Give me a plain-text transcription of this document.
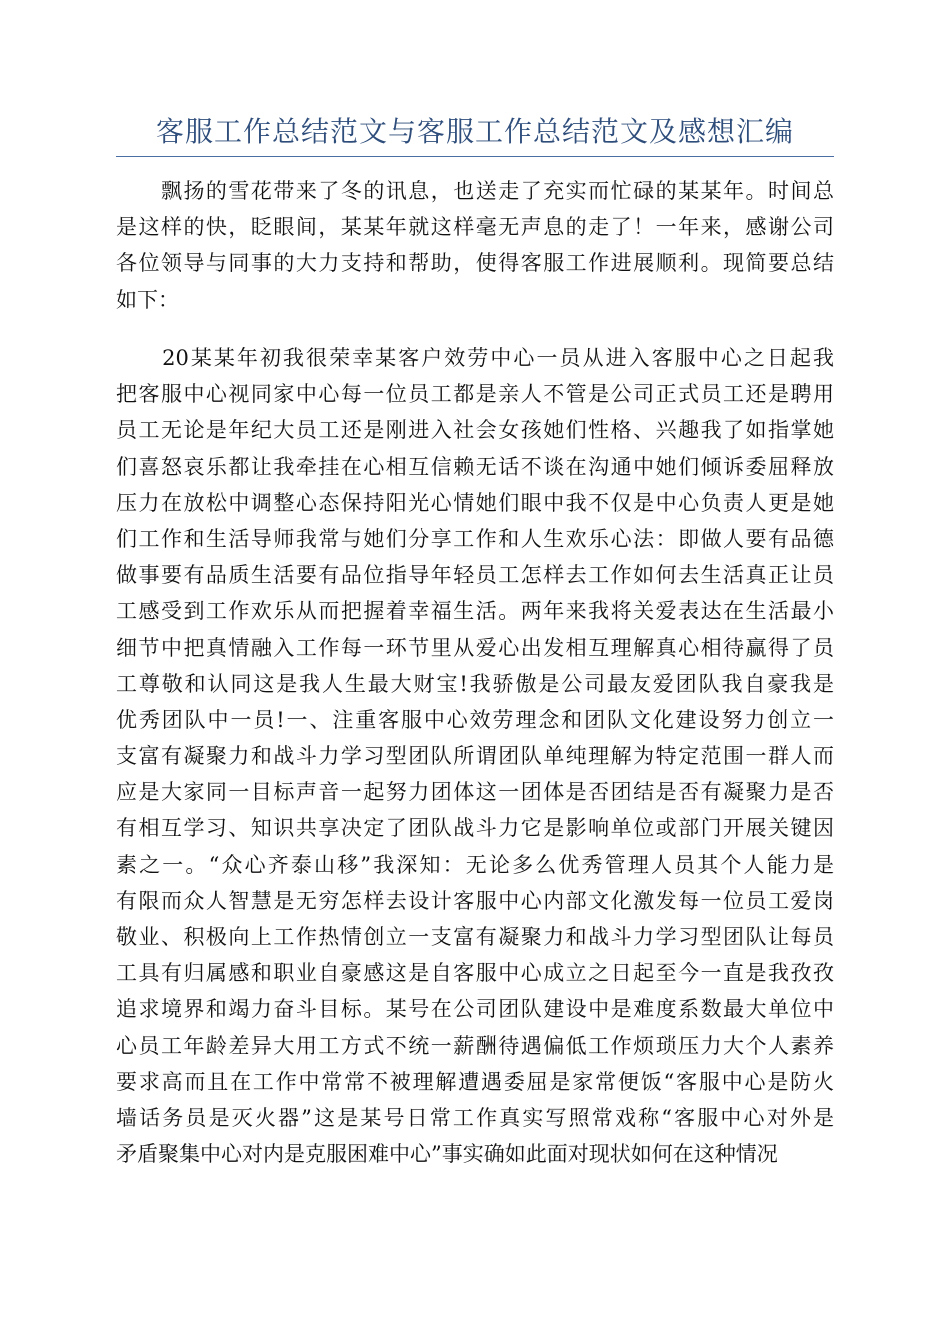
客服工作总结范文与客服工作总结范文及感想汇编

　　飘扬的雪花带来了冬的讯息，也送走了充实而忙碌的某某年。时间总
是这样的快，眨眼间，某某年就这样毫无声息的走了！一年来，感谢公司
各位领导与同事的大力支持和帮助，使得客服工作进展顺利。现简要总结
如下：

　　20某某年初我很荣幸某客户效劳中心一员从进入客服中心之日起我
把客服中心视同家中心每一位员工都是亲人不管是公司正式员工还是聘用
员工无论是年纪大员工还是刚进入社会女孩她们性格、兴趣我了如指掌她
们喜怒哀乐都让我牵挂在心相互信赖无话不谈在沟通中她们倾诉委屈释放
压力在放松中调整心态保持阳光心情她们眼中我不仅是中心负责人更是她
们工作和生活导师我常与她们分享工作和人生欢乐心法：即做人要有品德
做事要有品质生活要有品位指导年轻员工怎样去工作如何去生活真正让员
工感受到工作欢乐从而把握着幸福生活。两年来我将关爱表达在生活最小
细节中把真情融入工作每一环节里从爱心出发相互理解真心相待赢得了员
工尊敬和认同这是我人生最大财宝!我骄傲是公司最友爱团队我自豪我是
优秀团队中一员!一、注重客服中心效劳理念和团队文化建设努力创立一
支富有凝聚力和战斗力学习型团队所谓团队单纯理解为特定范围一群人而
应是大家同一目标声音一起努力团体这一团体是否团结是否有凝聚力是否
有相互学习、知识共享决定了团队战斗力它是影响单位或部门开展关键因
素之一。“众心齐泰山移”我深知：无论多么优秀管理人员其个人能力是
有限而众人智慧是无穷怎样去设计客服中心内部文化激发每一位员工爱岗
敬业、积极向上工作热情创立一支富有凝聚力和战斗力学习型团队让每员
工具有归属感和职业自豪感这是自客服中心成立之日起至今一直是我孜孜
追求境界和竭力奋斗目标。某号在公司团队建设中是难度系数最大单位中
心员工年龄差异大用工方式不统一薪酬待遇偏低工作烦琐压力大个人素养
要求高而且在工作中常常不被理解遭遇委屈是家常便饭“客服中心是防火
墙话务员是灭火器”这是某号日常工作真实写照常戏称“客服中心对外是
矛盾聚集中心对内是克服困难中心”事实确如此面对现状如何在这种情况
